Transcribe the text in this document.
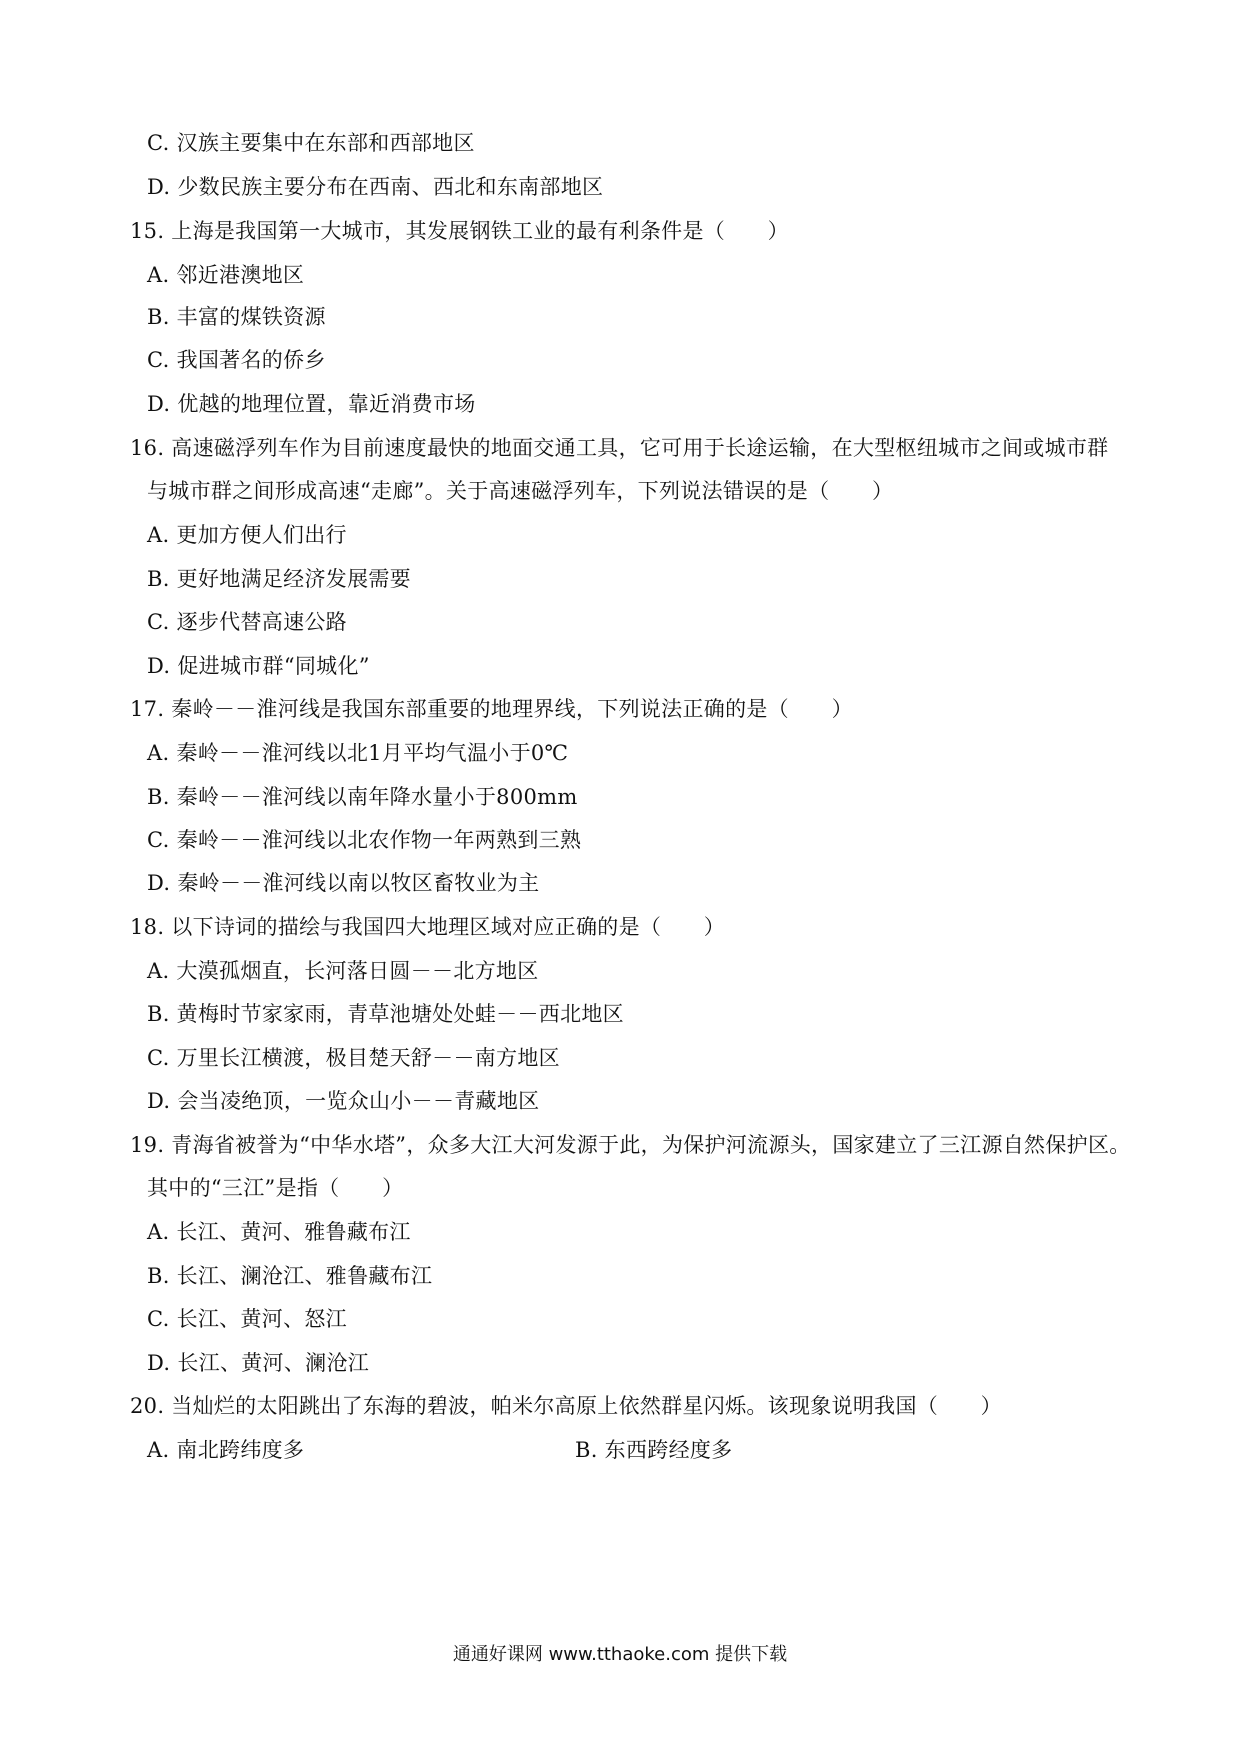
C. 汉族主要集中在东部和西部地区
D. 少数民族主要分布在西南、西北和东南部地区
15. 上海是我国第一大城市，其发展钢铁工业的最有利条件是（　　）
A. 邻近港澳地区
B. 丰富的煤铁资源
C. 我国著名的侨乡
D. 优越的地理位置，靠近消费市场
16. 高速磁浮列车作为目前速度最快的地面交通工具，它可用于长途运输，在大型枢纽城市之间或城市群
与城市群之间形成高速“走廊”。关于高速磁浮列车，下列说法错误的是（　　）
A. 更加方便人们出行
B. 更好地满足经济发展需要
C. 逐步代替高速公路
D. 促进城市群“同城化”
17. 秦岭－－淮河线是我国东部重要的地理界线，下列说法正确的是（　　）
A. 秦岭－－淮河线以北1月平均气温小于0℃
B. 秦岭－－淮河线以南年降水量小于800mm
C. 秦岭－－淮河线以北农作物一年两熟到三熟
D. 秦岭－－淮河线以南以牧区畜牧业为主
18. 以下诗词的描绘与我国四大地理区域对应正确的是（　　）
A. 大漠孤烟直，长河落日圆－－北方地区
B. 黄梅时节家家雨，青草池塘处处蛙－－西北地区
C. 万里长江横渡，极目楚天舒－－南方地区
D. 会当凌绝顶，一览众山小－－青藏地区
19. 青海省被誉为“中华水塔”，众多大江大河发源于此，为保护河流源头，国家建立了三江源自然保护区。
其中的“三江”是指（　　）
A. 长江、黄河、雅鲁藏布江
B. 长江、澜沧江、雅鲁藏布江
C. 长江、黄河、怒江
D. 长江、黄河、澜沧江
20. 当灿烂的太阳跳出了东海的碧波，帕米尔高原上依然群星闪烁。该现象说明我国（　　）
A. 南北跨纬度多	B. 东西跨经度多
通通好课网 www.tthaoke.com 提供下载
